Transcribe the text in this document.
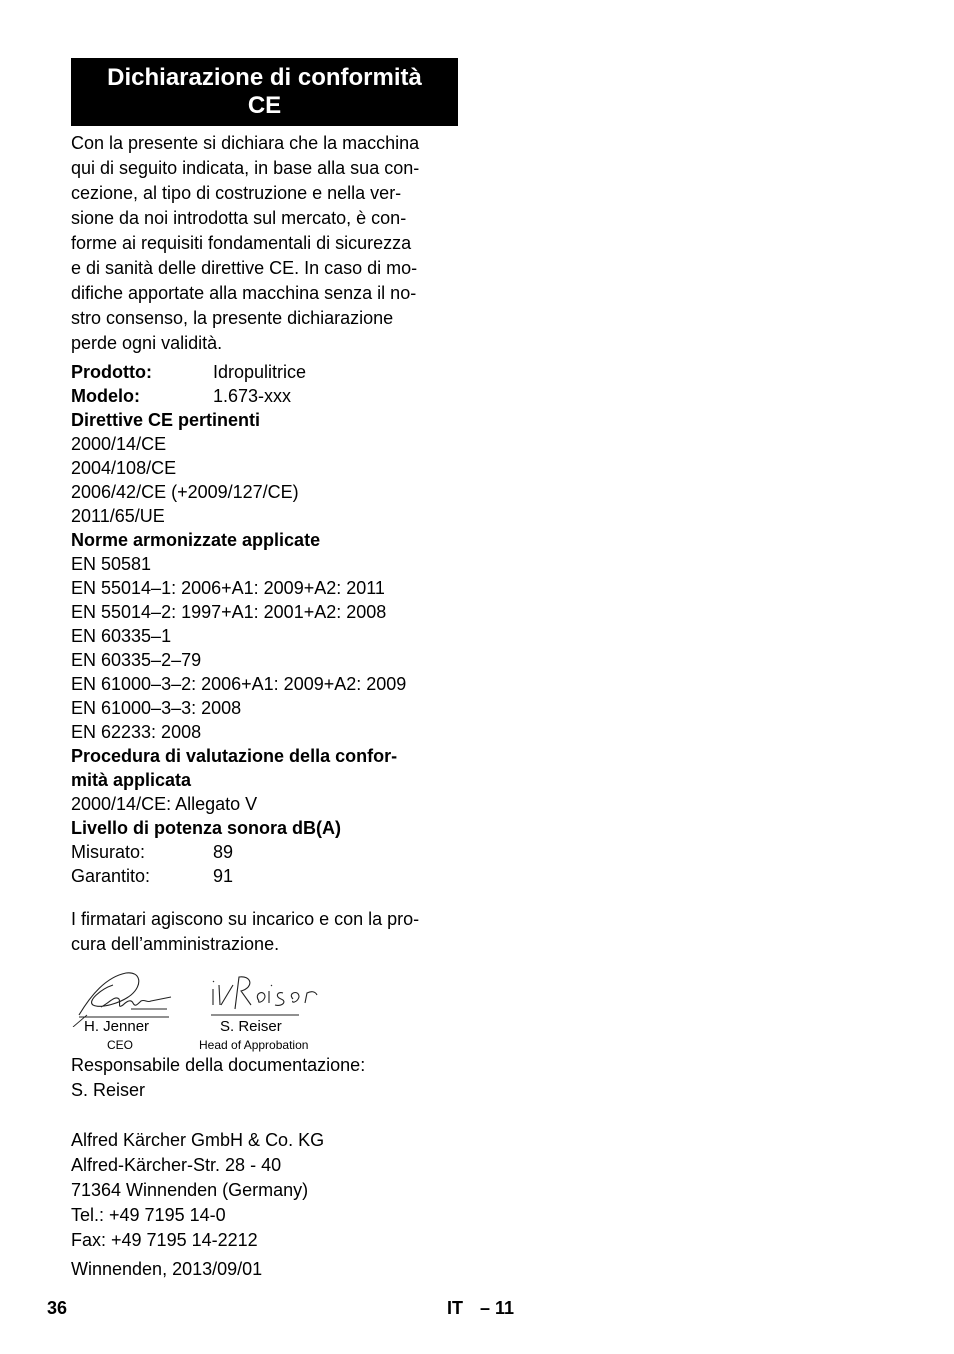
Dichiarazione di conformità
CE

Con la presente si dichiara che la macchina
qui di seguito indicata, in base alla sua con-
cezione, al tipo di costruzione e nella ver-
sione da noi introdotta sul mercato, è con-
forme ai requisiti fondamentali di sicurezza
e di sanità delle direttive CE. In caso di mo-
difiche apportate alla macchina senza il no-
stro consenso, la presente dichiarazione
perde ogni validità.

Prodotto:	Idropulitrice
Modelo:	1.673-xxx
Direttive CE pertinenti
2000/14/CE
2004/108/CE
2006/42/CE (+2009/127/CE)
2011/65/UE
Norme armonizzate applicate
EN 50581
EN 55014–1: 2006+A1: 2009+A2: 2011
EN 55014–2: 1997+A1: 2001+A2: 2008
EN 60335–1
EN 60335–2–79
EN 61000–3–2: 2006+A1: 2009+A2: 2009
EN 61000–3–3: 2008
EN 62233: 2008
Procedura di valutazione della confor-
mità applicata
2000/14/CE: Allegato V
Livello di potenza sonora dB(A)
Misurato:	89
Garantito:	91

I firmatari agiscono su incarico e con la pro-
cura dell’amministrazione.

H. Jenner	S. Reiser
CEO	Head of Approbation

Responsabile della documentazione:
S. Reiser

Alfred Kärcher GmbH & Co. KG
Alfred-Kärcher-Str. 28 - 40
71364 Winnenden (Germany)
Tel.: +49 7195 14-0
Fax: +49 7195 14-2212

Winnenden, 2013/09/01
36	IT – 11
